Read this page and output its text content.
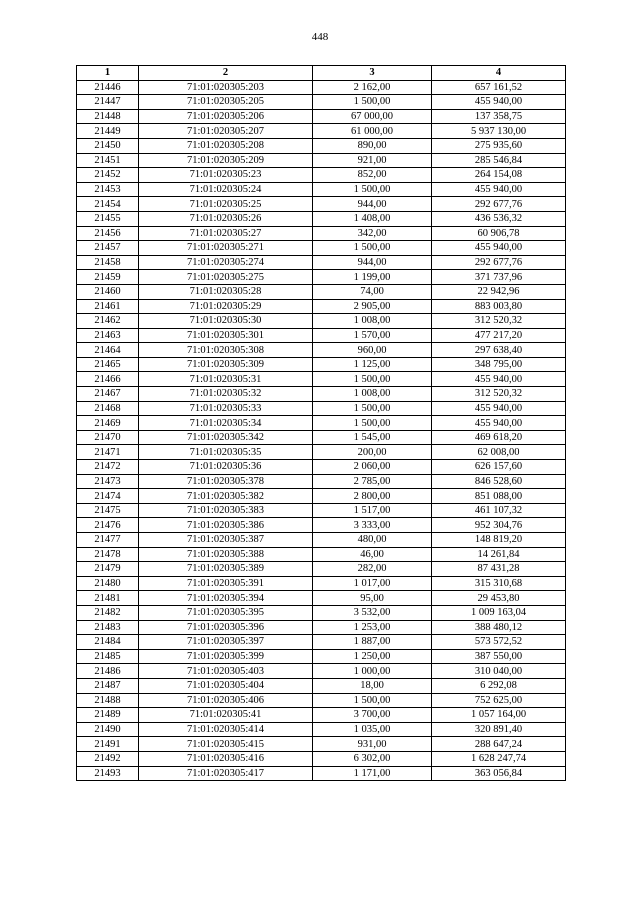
448
1	2	3	4
21446	71:01:020305:203	2 162,00	657 161,52
21447	71:01:020305:205	1 500,00	455 940,00
21448	71:01:020305:206	67 000,00	137 358,75
21449	71:01:020305:207	61 000,00	5 937 130,00
21450	71:01:020305:208	890,00	275 935,60
21451	71:01:020305:209	921,00	285 546,84
21452	71:01:020305:23	852,00	264 154,08
21453	71:01:020305:24	1 500,00	455 940,00
21454	71:01:020305:25	944,00	292 677,76
21455	71:01:020305:26	1 408,00	436 536,32
21456	71:01:020305:27	342,00	60 906,78
21457	71:01:020305:271	1 500,00	455 940,00
21458	71:01:020305:274	944,00	292 677,76
21459	71:01:020305:275	1 199,00	371 737,96
21460	71:01:020305:28	74,00	22 942,96
21461	71:01:020305:29	2 905,00	883 003,80
21462	71:01:020305:30	1 008,00	312 520,32
21463	71:01:020305:301	1 570,00	477 217,20
21464	71:01:020305:308	960,00	297 638,40
21465	71:01:020305:309	1 125,00	348 795,00
21466	71:01:020305:31	1 500,00	455 940,00
21467	71:01:020305:32	1 008,00	312 520,32
21468	71:01:020305:33	1 500,00	455 940,00
21469	71:01:020305:34	1 500,00	455 940,00
21470	71:01:020305:342	1 545,00	469 618,20
21471	71:01:020305:35	200,00	62 008,00
21472	71:01:020305:36	2 060,00	626 157,60
21473	71:01:020305:378	2 785,00	846 528,60
21474	71:01:020305:382	2 800,00	851 088,00
21475	71:01:020305:383	1 517,00	461 107,32
21476	71:01:020305:386	3 333,00	952 304,76
21477	71:01:020305:387	480,00	148 819,20
21478	71:01:020305:388	46,00	14 261,84
21479	71:01:020305:389	282,00	87 431,28
21480	71:01:020305:391	1 017,00	315 310,68
21481	71:01:020305:394	95,00	29 453,80
21482	71:01:020305:395	3 532,00	1 009 163,04
21483	71:01:020305:396	1 253,00	388 480,12
21484	71:01:020305:397	1 887,00	573 572,52
21485	71:01:020305:399	1 250,00	387 550,00
21486	71:01:020305:403	1 000,00	310 040,00
21487	71:01:020305:404	18,00	6 292,08
21488	71:01:020305:406	1 500,00	752 625,00
21489	71:01:020305:41	3 700,00	1 057 164,00
21490	71:01:020305:414	1 035,00	320 891,40
21491	71:01:020305:415	931,00	288 647,24
21492	71:01:020305:416	6 302,00	1 628 247,74
21493	71:01:020305:417	1 171,00	363 056,84
